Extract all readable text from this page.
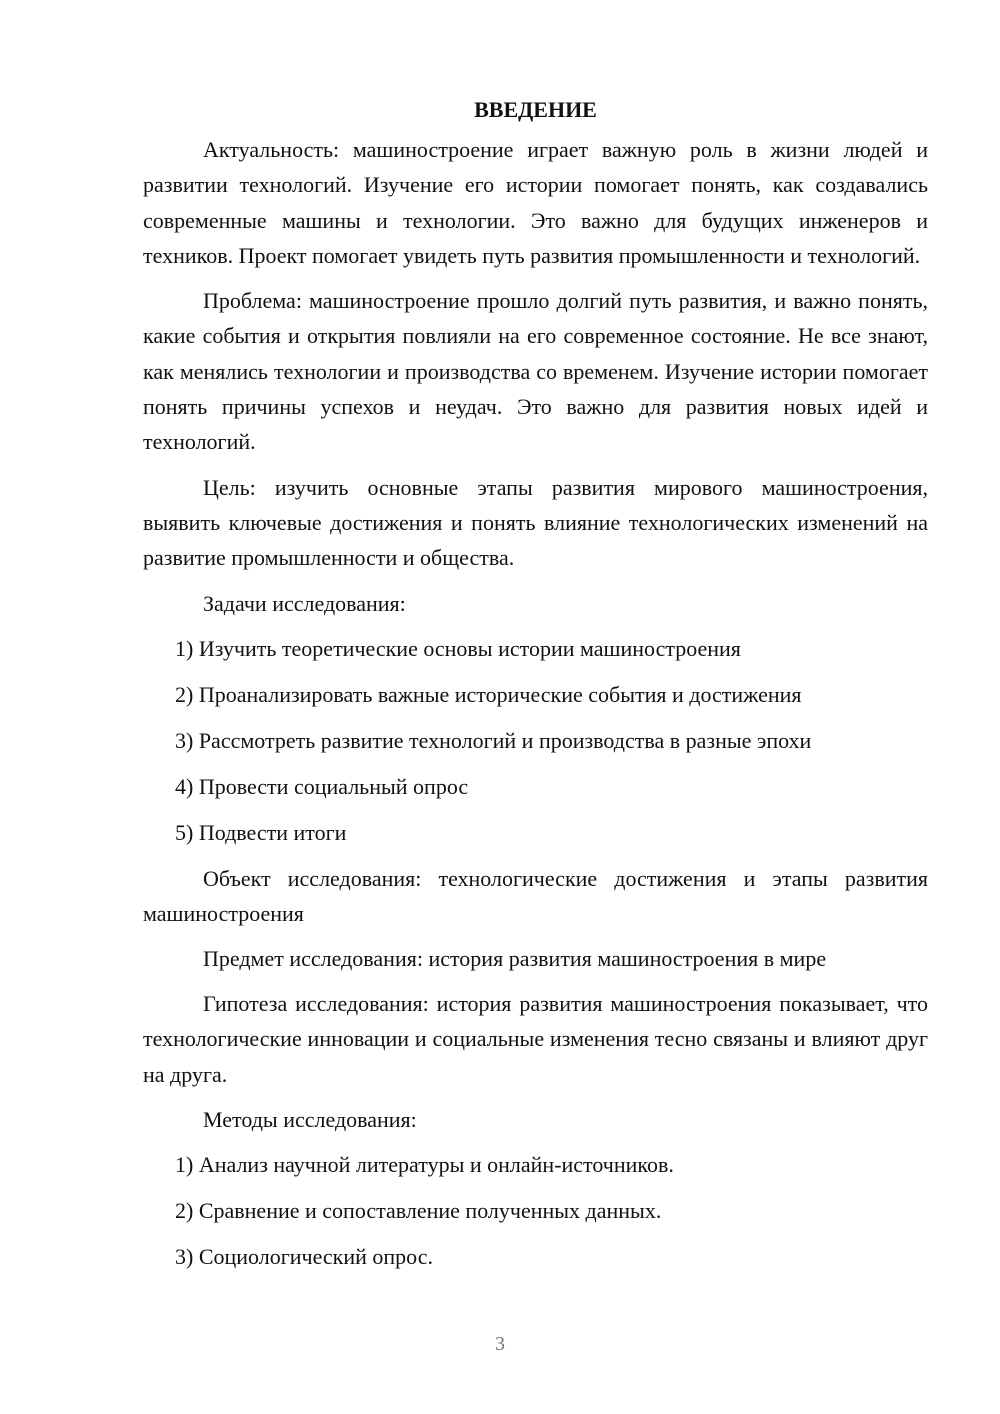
ВВЕДЕНИЕ

Актуальность: машиностроение играет важную роль в жизни людей и развитии технологий. Изучение его истории помогает понять, как создавались современные машины и технологии. Это важно для будущих инженеров и техников. Проект помогает увидеть путь развития промышленности и технологий.

Проблема: машиностроение прошло долгий путь развития, и важно понять, какие события и открытия повлияли на его современное состояние. Не все знают, как менялись технологии и производства со временем. Изучение истории помогает понять причины успехов и неудач. Это важно для развития новых идей и технологий.

Цель: изучить основные этапы развития мирового машиностроения, выявить ключевые достижения и понять влияние технологических изменений на развитие промышленности и общества.

Задачи исследования:

1) Изучить теоретические основы истории машиностроения
2) Проанализировать важные исторические события и достижения
3) Рассмотреть развитие технологий и производства в разные эпохи
4) Провести социальный опрос
5) Подвести итоги

Объект исследования: технологические достижения и этапы развития машиностроения

Предмет исследования: история развития машиностроения в мире

Гипотеза исследования: история развития машиностроения показывает, что технологические инновации и социальные изменения тесно связаны и влияют друг на друга.

Методы исследования:

1) Анализ научной литературы и онлайн-источников.
2) Сравнение и сопоставление полученных данных.
3) Социологический опрос.
3
